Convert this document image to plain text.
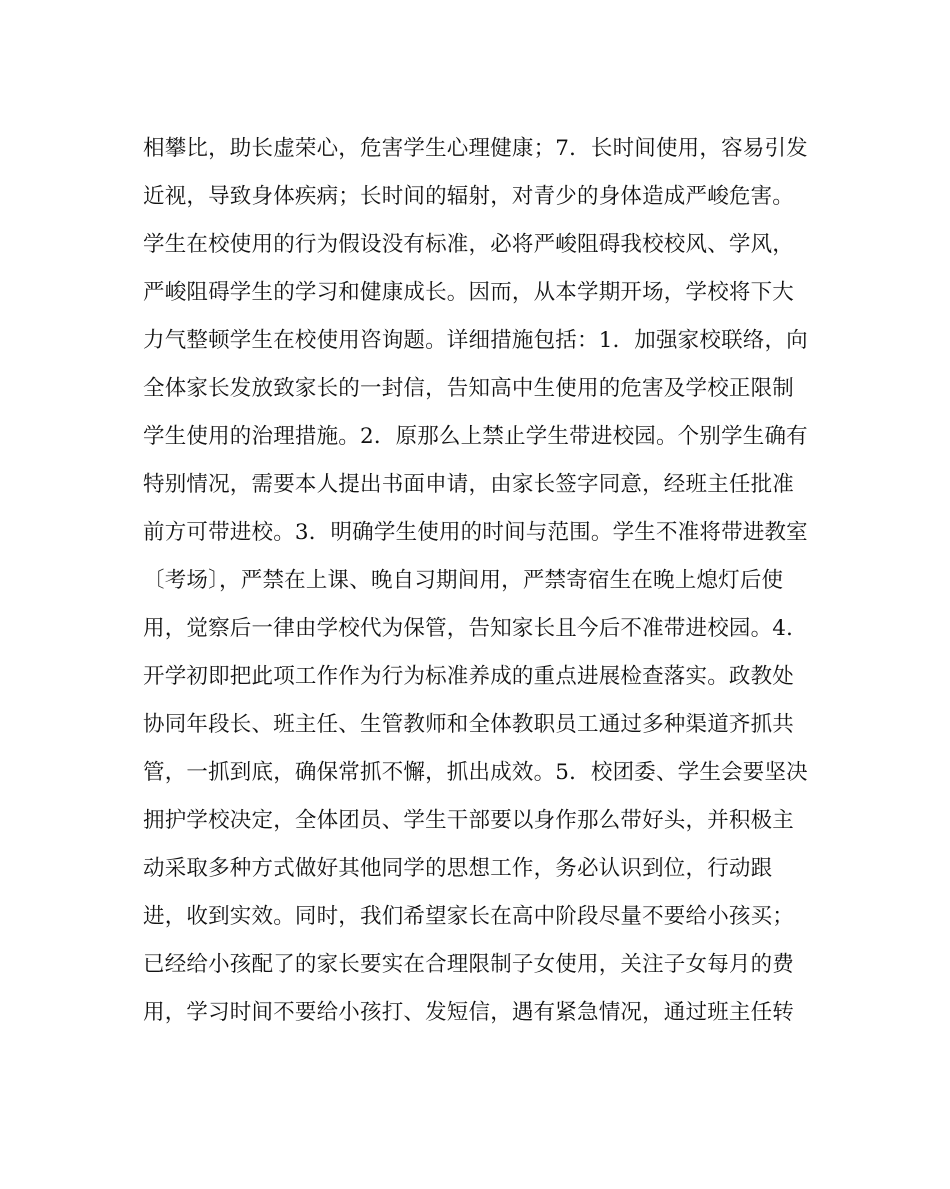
相攀比，助长虚荣心，危害学生心理健康；7．长时间使用，容易引发
近视，导致身体疾病；长时间的辐射，对青少的身体造成严峻危害。
学生在校使用的行为假设没有标准，必将严峻阻碍我校校风、学风，
严峻阻碍学生的学习和健康成长。因而，从本学期开场，学校将下大
力气整顿学生在校使用咨询题。详细措施包括：1．加强家校联络，向
全体家长发放致家长的一封信，告知高中生使用的危害及学校正限制
学生使用的治理措施。2．原那么上禁止学生带进校园。个别学生确有
特别情况，需要本人提出书面申请，由家长签字同意，经班主任批准
前方可带进校。3．明确学生使用的时间与范围。学生不准将带进教室
〔考场〕，严禁在上课、晚自习期间用，严禁寄宿生在晚上熄灯后使
用，觉察后一律由学校代为保管，告知家长且今后不准带进校园。4．
开学初即把此项工作作为行为标准养成的重点进展检查落实。政教处
协同年段长、班主任、生管教师和全体教职员工通过多种渠道齐抓共
管，一抓到底，确保常抓不懈，抓出成效。5．校团委、学生会要坚决
拥护学校决定，全体团员、学生干部要以身作那么带好头，并积极主
动采取多种方式做好其他同学的思想工作，务必认识到位，行动跟
进，收到实效。同时，我们希望家长在高中阶段尽量不要给小孩买；
已经给小孩配了的家长要实在合理限制子女使用，关注子女每月的费
用，学习时间不要给小孩打、发短信，遇有紧急情况，通过班主任转
